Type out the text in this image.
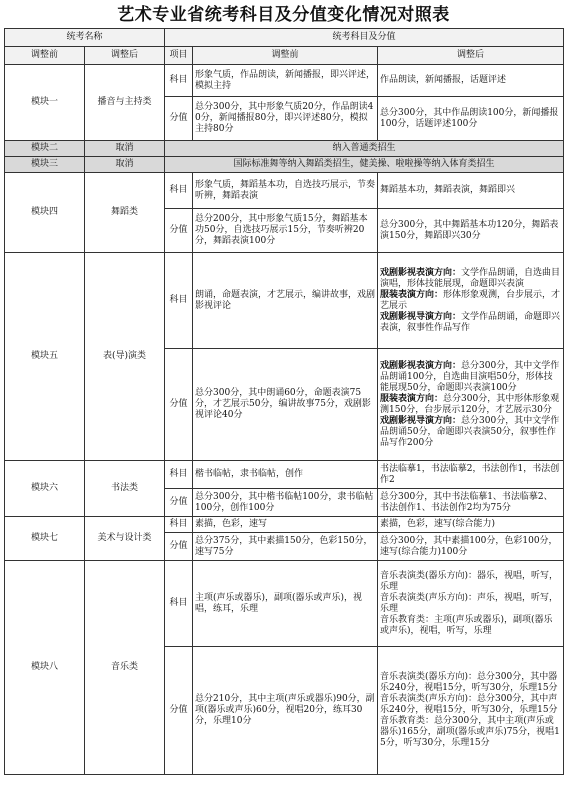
艺术专业省统考科目及分值变化情况对照表
统考名称		统考科目及分值		
调整前	调整后	项目	调整前	调整后
模块一	播音与主持类	科目	形象气质，作品朗读，新闻播报，即兴评述，模拟主持	作品朗读，新闻播报，话题评述
		分值	总分300分，其中形象气质20分，作品朗读40分，新闻播报80分，即兴评述80分，模拟主持80分	总分300分，其中作品朗读100分，新闻播报100分，话题评述100分
模块二	取消	纳入普通类招生		
模块三	取消	国际标准舞等纳入舞蹈类招生，健美操、啦啦操等纳入体育类招生		
模块四	舞蹈类	科目	形象气质，舞蹈基本功，自选技巧展示，节奏听辨，舞蹈表演	舞蹈基本功，舞蹈表演，舞蹈即兴
		分值	总分200分，其中形象气质15分，舞蹈基本功50分，自选技巧展示15分，节奏听辨20分，舞蹈表演100分	总分300分，其中舞蹈基本功120分，舞蹈表演150分，舞蹈即兴30分
模块五	表(导)演类	科目	朗诵，命题表演，才艺展示，编讲故事，戏剧影视评论	戏剧影视表演方向：文学作品朗诵，自选曲目演唱，形体技能展现，命题即兴表演
服装表演方向：形体形象观测，台步展示，才艺展示
戏剧影视导演方向：文学作品朗诵，命题即兴表演，叙事性作品写作

		分值	总分300分，其中朗诵60分，命题表演75分，才艺展示50分，编讲故事75分，戏剧影视评论40分	戏剧影视表演方向：总分300分，其中文学作品朗诵100分，自选曲目演唱50分，形体技能展现50分，命题即兴表演100分
服装表演方向：总分300分，其中形体形象观测150分，台步展示120分，才艺展示30分
戏剧影视导演方向：总分300分，其中文学作品朗诵50分，命题即兴表演50分，叙事性作品写作200分

模块六	书法类	科目	楷书临帖，隶书临帖，创作	书法临摹1，书法临摹2，书法创作1，书法创作2
		分值	总分300分，其中楷书临帖100分，隶书临帖100分，创作100分	总分300分，其中书法临摹1、书法临摹2、书法创作1、书法创作2均为75分
模块七	美术与设计类	科目	素描，色彩，速写	素描，色彩，速写(综合能力)
		分值	总分375分，其中素描150分，色彩150分，速写75分	总分300分，其中素描100分，色彩100分，速写(综合能力)100分
模块八	音乐类	科目	主项(声乐或器乐)，副项(器乐或声乐)，视唱，练耳，乐理	音乐表演类(器乐方向)：器乐，视唱，听写，乐理
音乐表演类(声乐方向)：声乐，视唱，听写，乐理
音乐教育类：主项(声乐或器乐)，副项(器乐或声乐)，视唱，听写，乐理

		分值	总分210分，其中主项(声乐或器乐)90分，副项(器乐或声乐)60分，视唱20分，练耳30分，乐理10分	音乐表演类(器乐方向)：总分300分，其中器乐240分，视唱15分，听写30分，乐理15分
音乐表演类(声乐方向)：总分300分，其中声乐240分，视唱15分，听写30分，乐理15分
音乐教育类：总分300分，其中主项(声乐或器乐)165分，副项(器乐或声乐)75分，视唱15分，听写30分，乐理15分
